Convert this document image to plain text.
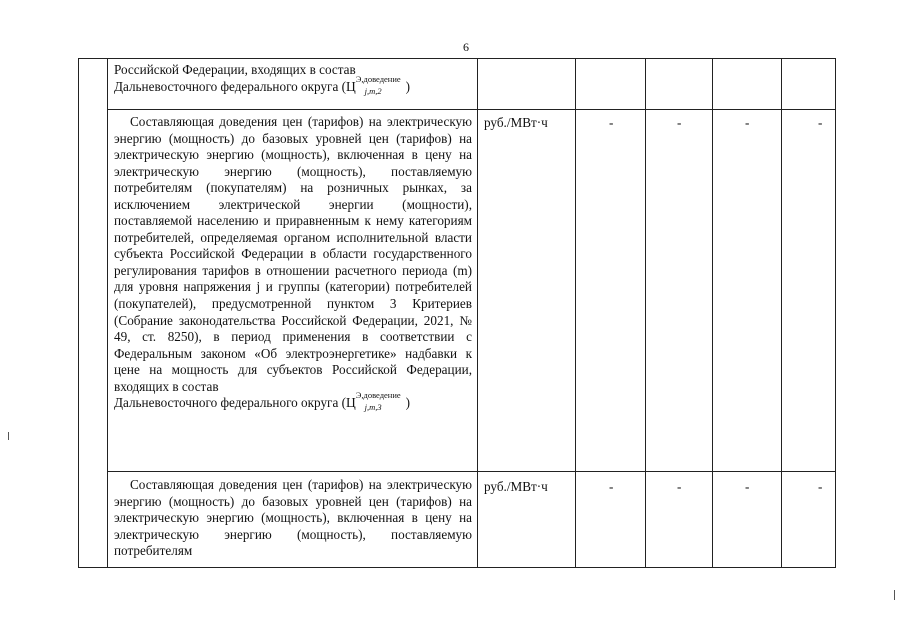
6
Российской Федерации, входящих в состав
Дальневосточного федерального округа ($Ц^{Э,доведение}j,m,2$ )

Составляющая доведения цен (тарифов) на электрическую энергию (мощность) до базовых уровней цен (тарифов) на электрическую энергию (мощность), включенная в цену на электрическую энергию (мощность), поставляемую потребителям (покупателям) на розничных рынках, за исключением электрической энергии (мощности), поставляемой населению и приравненным к нему категориям потребителей, определяемая органом исполнительной власти субъекта Российской Федерации в области государственного регулирования тарифов в отношении расчетного периода (m) для уровня напряжения j и группы (категории) потребителей (покупателей), предусмотренной пунктом 3 Критериев (Собрание законодательства Российской Федерации, 2021, № 49, ст. 8250), в период применения в соответствии с Федеральным законом «Об электроэнергетике» надбавки к цене на мощность для субъектов Российской Федерации, входящих в состав

Дальневосточного федерального округа ($Ц^{Э,доведение}j,m,3$ )
руб./МВт·ч	-	-	-	-

Составляющая доведения цен (тарифов) на электрическую энергию (мощность) до базовых уровней цен (тарифов) на электрическую энергию (мощность), включенная в цену на электрическую энергию (мощность), поставляемую потребителям

руб./МВт·ч	-	-	-	-
